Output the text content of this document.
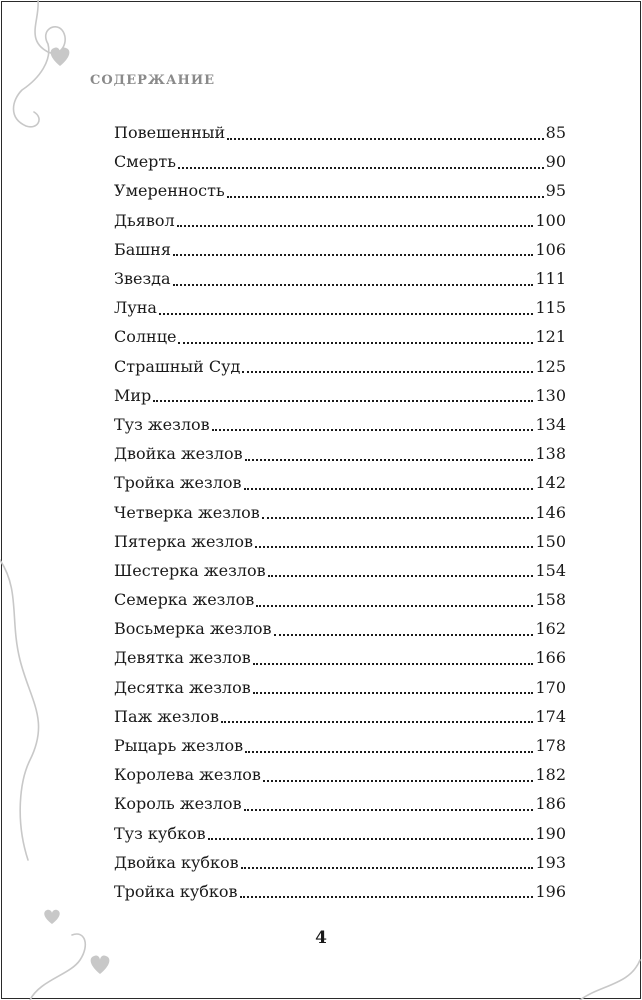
СОДЕРЖАНИЕ
Повешенный	85
Смерть	90
Умеренность	95
Дьявол	100
Башня	106
Звезда	111
Луна	115
Солнце	121
Страшный Суд	125
Мир	130
Туз жезлов	134
Двойка жезлов	138
Тройка жезлов	142
Четверка жезлов	146
Пятерка жезлов	150
Шестерка жезлов	154
Семерка жезлов	158
Восьмерка жезлов	162
Девятка жезлов	166
Десятка жезлов	170
Паж жезлов	174
Рыцарь жезлов	178
Королева жезлов	182
Король жезлов	186
Туз кубков	190
Двойка кубков	193
Тройка кубков	196
4
